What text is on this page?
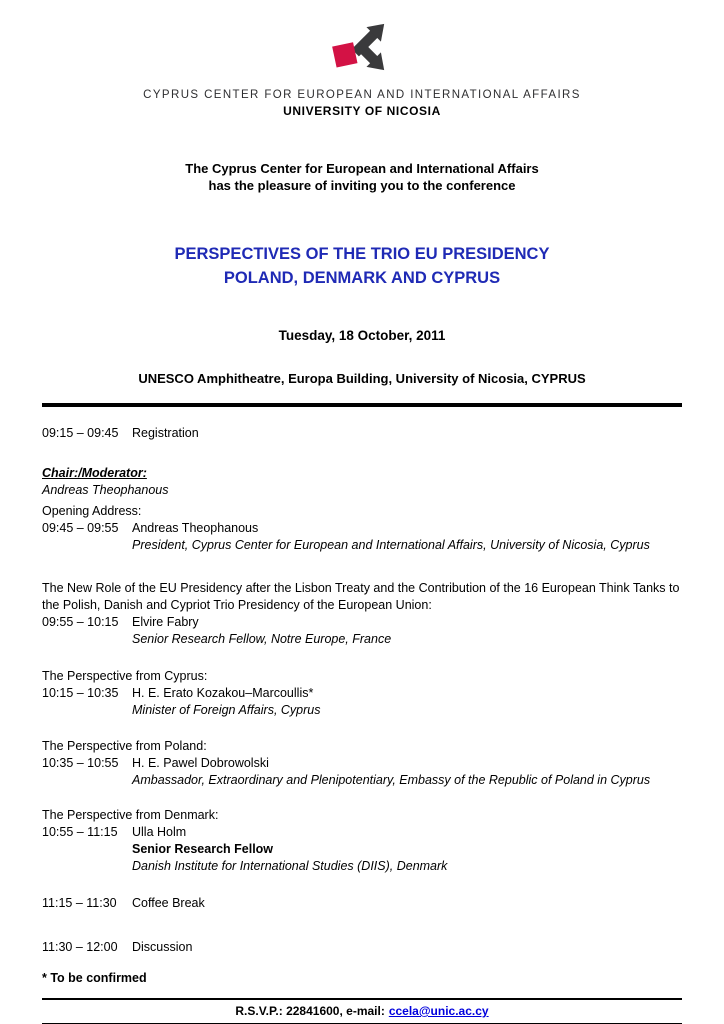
CYPRUS CENTER FOR EUROPEAN AND INTERNATIONAL AFFAIRS
UNIVERSITY OF NICOSIA
The Cyprus Center for European and International Affairs
has the pleasure of inviting you to the conference
PERSPECTIVES OF THE TRIO EU PRESIDENCY
POLAND, DENMARK AND CYPRUS
Tuesday, 18 October, 2011
UNESCO Amphitheatre, Europa Building, University of Nicosia, CYPRUS
09:15 – 09:45	Registration
Chair:/Moderator:
Andreas Theophanous
Opening Address:
09:45 – 09:55	Andreas Theophanous
President, Cyprus Center for European and International Affairs, University of Nicosia, Cyprus
The New Role of the EU Presidency after the Lisbon Treaty and the Contribution of the 16 European Think Tanks to the Polish, Danish and Cypriot Trio Presidency of the European Union:
09:55 – 10:15	Elvire Fabry
Senior Research Fellow, Notre Europe, France
The Perspective from Cyprus:
10:15 – 10:35	H. E. Erato Kozakou–Marcoullis*
Minister of Foreign Affairs, Cyprus
The Perspective from Poland:
10:35 – 10:55	H. E. Pawel Dobrowolski
Ambassador, Extraordinary and Plenipotentiary, Embassy of the Republic of Poland in Cyprus
The Perspective from Denmark:
10:55 – 11:15	Ulla Holm
Senior Research Fellow
Danish Institute for International Studies (DIIS), Denmark
11:15 – 11:30	Coffee Break
11:30 – 12:00	Discussion
* To be confirmed
R.S.V.P.: 22841600, e-mail: ccela@unic.ac.cy
